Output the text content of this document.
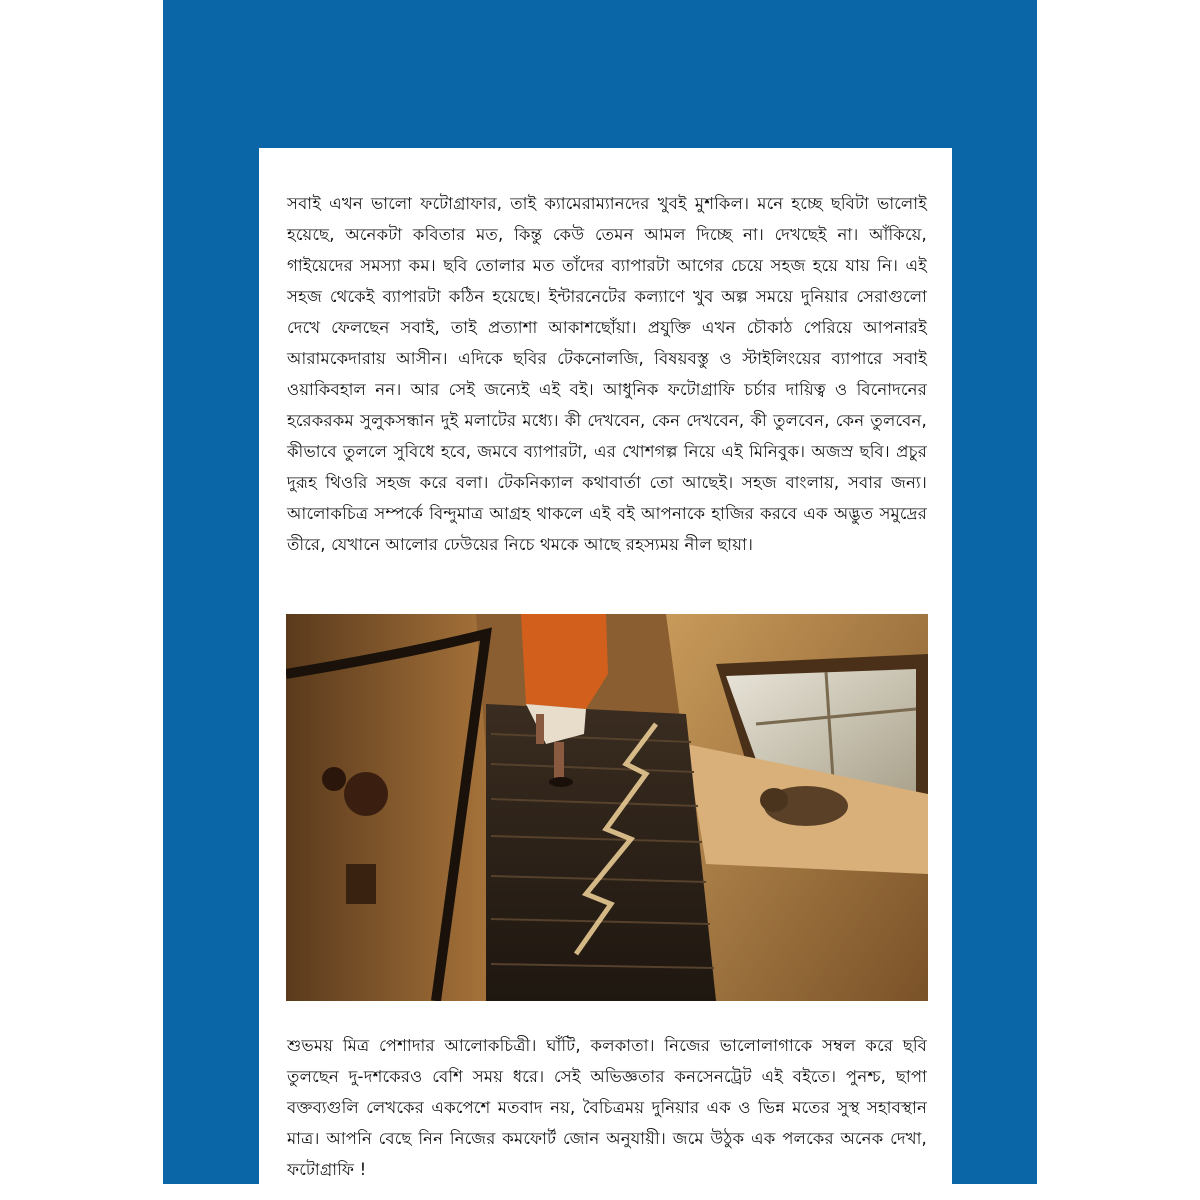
সবাই এখন ভালো ফটোগ্রাফার, তাই ক্যামেরাম্যানদের খুবই মুশকিল। মনে হচ্ছে ছবিটা ভালোই হয়েছে, অনেকটা কবিতার মত, কিন্তু কেউ তেমন আমল দিচ্ছে না। দেখছেই না। আঁকিয়ে, গাইয়েদের সমস্যা কম। ছবি তোলার মত তাঁদের ব্যাপারটা আগের চেয়ে সহজ হয়ে যায় নি। এই সহজ থেকেই ব্যাপারটা কঠিন হয়েছে। ইন্টারনেটের কল্যাণে খুব অল্প সময়ে দুনিয়ার সেরাগুলো দেখে ফেলছেন সবাই, তাই প্রত্যাশা আকাশছোঁয়া। প্রযুক্তি এখন চৌকাঠ পেরিয়ে আপনারই আরামকেদারায় আসীন। এদিকে ছবির টেকনোলজি, বিষয়বস্তু ও স্টাইলিংয়ের ব্যাপারে সবাই ওয়াকিবহাল নন। আর সেই জন্যেই এই বই। আধুনিক ফটোগ্রাফি চর্চার দায়িত্ব ও বিনোদনের হরেকরকম সুলুকসন্ধান দুই মলাটের মধ্যে। কী দেখবেন, কেন দেখবেন, কী তুলবেন, কেন তুলবেন, কীভাবে তুললে সুবিধে হবে, জমবে ব্যাপারটা, এর খোশগল্প নিয়ে এই মিনিবুক। অজস্র ছবি। প্রচুর দুরূহ থিওরি সহজ করে বলা। টেকনিক্যাল কথাবার্তা তো আছেই। সহজ বাংলায়, সবার জন্য। আলোকচিত্র সম্পর্কে বিন্দুমাত্র আগ্রহ থাকলে এই বই আপনাকে হাজির করবে এক অদ্ভুত সমুদ্রের তীরে, যেখানে আলোর ঢেউয়ের নিচে থমকে আছে রহস্যময় নীল ছায়া।

শুভময় মিত্র পেশাদার আলোকচিত্রী। ঘাঁটি, কলকাতা। নিজের ভালোলাগাকে সম্বল করে ছবি তুলছেন দু-দশকেরও বেশি সময় ধরে। সেই অভিজ্ঞতার কনসেনট্রেট এই বইতে। পুনশ্চ, ছাপা বক্তব্যগুলি লেখকের একপেশে মতবাদ নয়, বৈচিত্রময় দুনিয়ার এক ও ভিন্ন মতের সুস্থ সহাবস্থান মাত্র। আপনি বেছে নিন নিজের কমফোর্ট জোন অনুযায়ী। জমে উঠুক এক পলকের অনেক দেখা, ফটোগ্রাফি !
